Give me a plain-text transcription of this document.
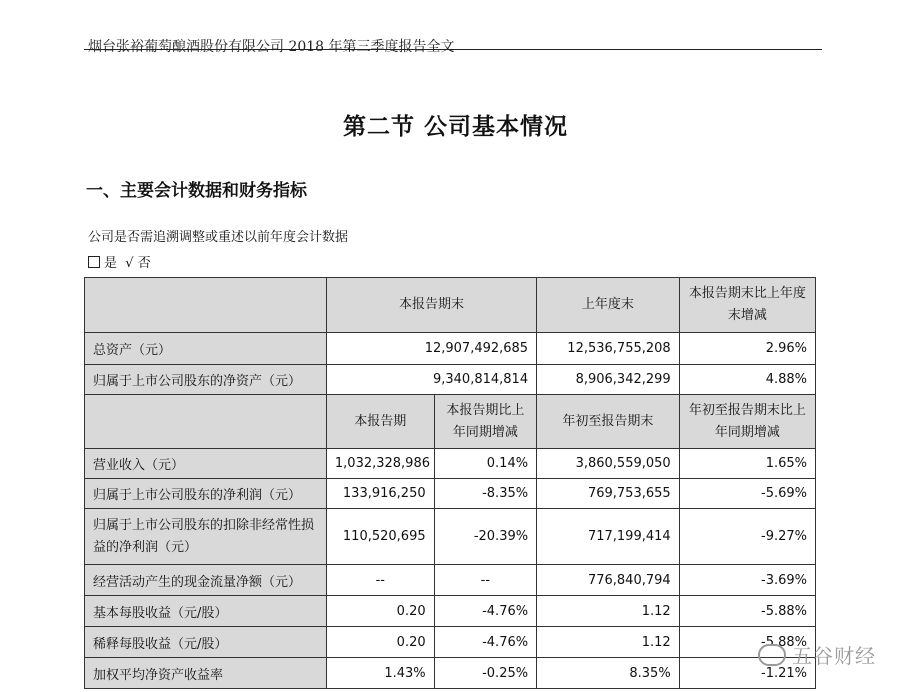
烟台张裕葡萄酿酒股份有限公司 2018 年第三季度报告全文
第二节 公司基本情况
一、主要会计数据和财务指标
公司是否需追溯调整或重述以前年度会计数据
是 √ 否
	本报告期末		上年度末	本报告期末比上年度末增减
总资产（元）	12,907,492,685		12,536,755,208	2.96%
归属于上市公司股东的净资产（元）	9,340,814,814		8,906,342,299	4.88%
	本报告期	本报告期比上年同期增减	年初至报告期末	年初至报告期末比上年同期增减
营业收入（元）	1,032,328,986	0.14%	3,860,559,050	1.65%
归属于上市公司股东的净利润（元）	133,916,250	-8.35%	769,753,655	-5.69%
归属于上市公司股东的扣除非经常性损益的净利润（元）	110,520,695	-20.39%	717,199,414	-9.27%
经营活动产生的现金流量净额（元）	--	--	776,840,794	-3.69%
基本每股收益（元/股）	0.20	-4.76%	1.12	-5.88%
稀释每股收益（元/股）	0.20	-4.76%	1.12	-5.88%
加权平均净资产收益率	1.43%	-0.25%	8.35%	-1.21%
五谷财经
